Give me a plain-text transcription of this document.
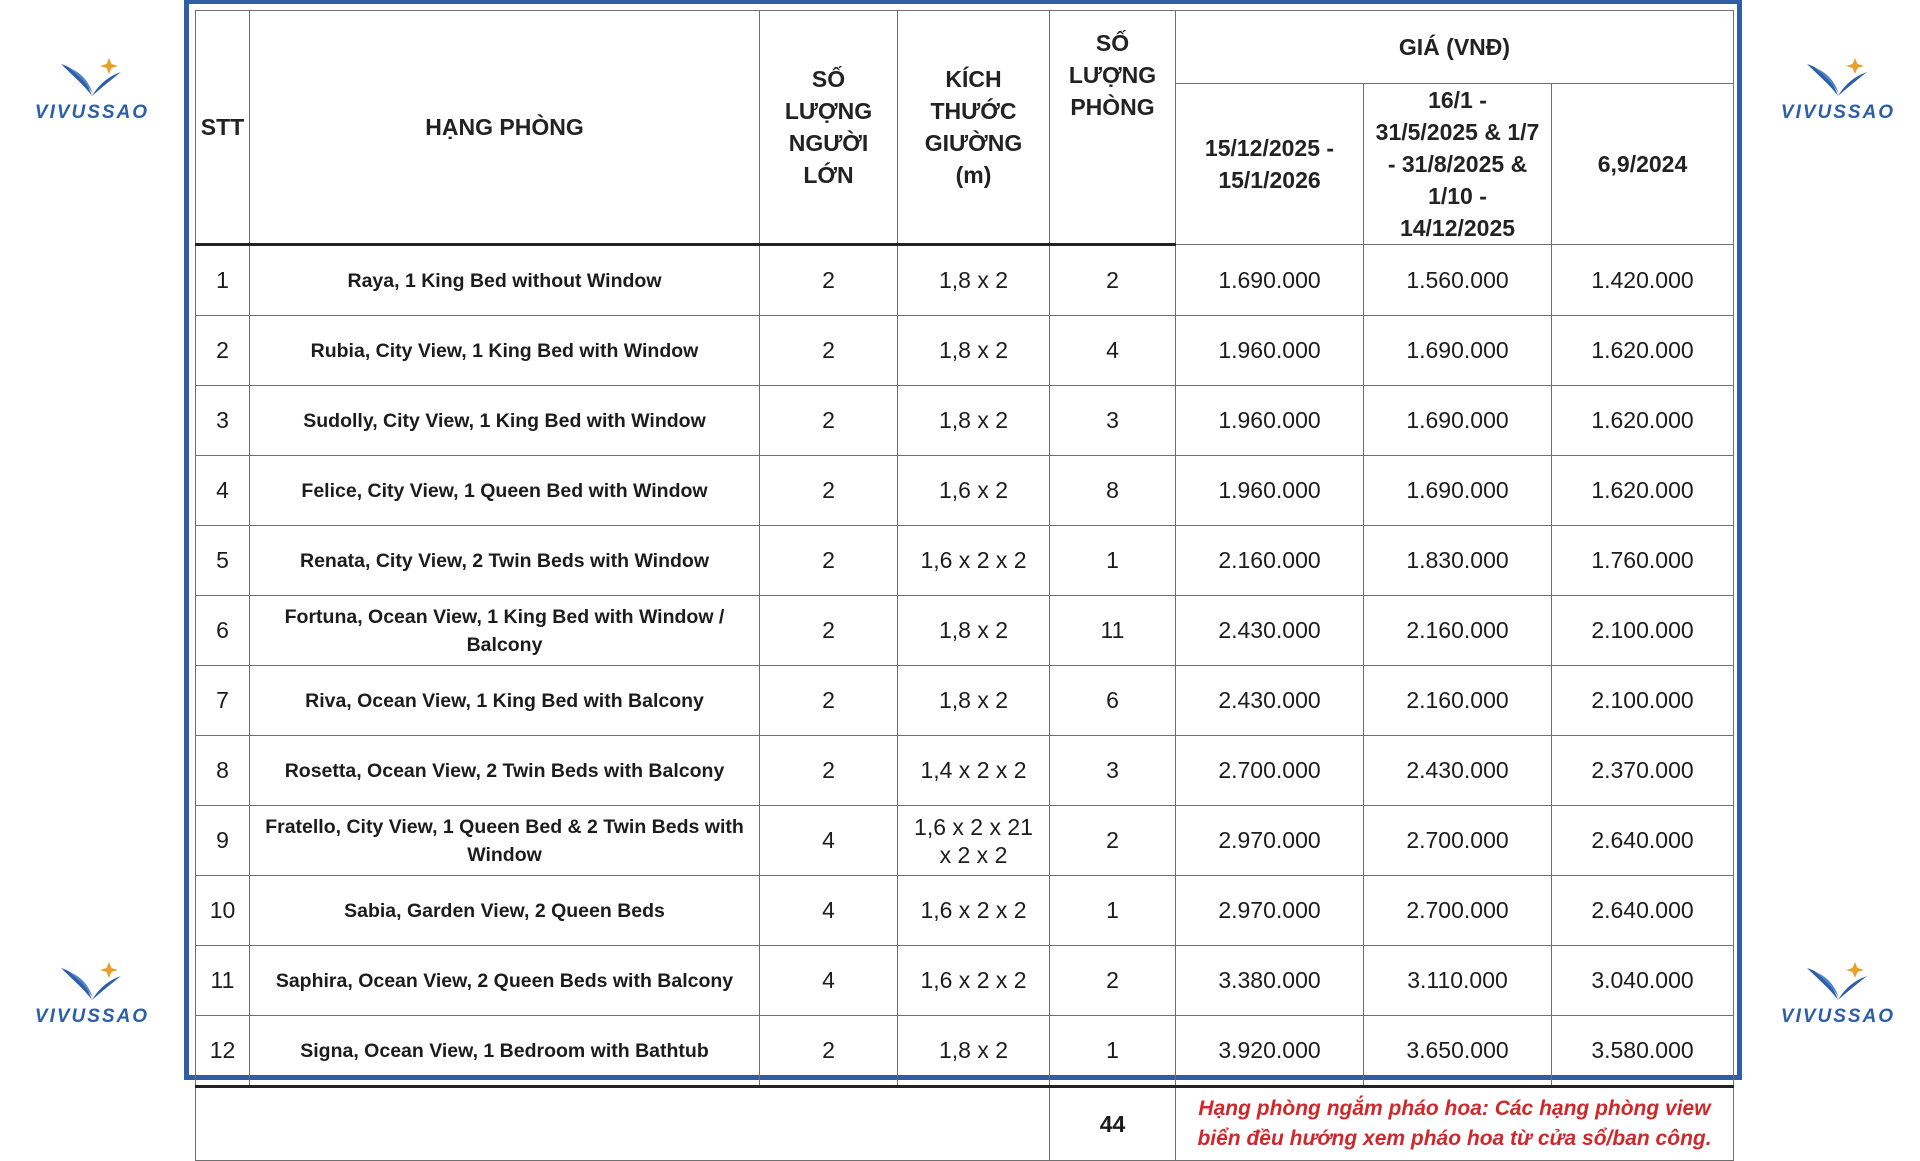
VIVUSSAO
VIVUSSAO
VIVUSSAO
VIVUSSAO
STT	HẠNG PHÒNG	SỐ LƯỢNG NGƯỜI LỚN	KÍCH THƯỚC GIƯỜNG (m)	SỐ LƯỢNG PHÒNG	GIÁ (VNĐ)		
					15/12/2025 - 15/1/2026	16/1 - 31/5/2025 & 1/7 - 31/8/2025 & 1/10 - 14/12/2025	6,9/2024
1	Raya, 1 King Bed without Window	2	1,8 x 2	2	1.690.000	1.560.000	1.420.000
2	Rubia, City View, 1 King Bed with Window	2	1,8 x 2	4	1.960.000	1.690.000	1.620.000
3	Sudolly, City View, 1 King Bed with Window	2	1,8 x 2	3	1.960.000	1.690.000	1.620.000
4	Felice, City View, 1 Queen Bed with Window	2	1,6 x 2	8	1.960.000	1.690.000	1.620.000
5	Renata, City View, 2 Twin Beds with Window	2	1,6 x 2 x 2	1	2.160.000	1.830.000	1.760.000
6	Fortuna, Ocean View, 1 King Bed with Window / Balcony	2	1,8 x 2	11	2.430.000	2.160.000	2.100.000
7	Riva, Ocean View, 1 King Bed with Balcony	2	1,8 x 2	6	2.430.000	2.160.000	2.100.000
8	Rosetta, Ocean View, 2 Twin Beds with Balcony	2	1,4 x 2 x 2	3	2.700.000	2.430.000	2.370.000
9	Fratello, City View, 1 Queen Bed & 2 Twin Beds with Window	4	1,6 x 2 x 21 x 2 x 2	2	2.970.000	2.700.000	2.640.000
10	Sabia, Garden View, 2 Queen Beds	4	1,6 x 2 x 2	1	2.970.000	2.700.000	2.640.000
11	Saphira, Ocean View, 2 Queen Beds with Balcony	4	1,6 x 2 x 2	2	3.380.000	3.110.000	3.040.000
12	Signa, Ocean View, 1 Bedroom with Bathtub	2	1,8 x 2	1	3.920.000	3.650.000	3.580.000
				44	Hạng phòng ngắm pháo hoa: Các hạng phòng view biển đều hướng xem pháo hoa từ cửa sổ/ban công.		
